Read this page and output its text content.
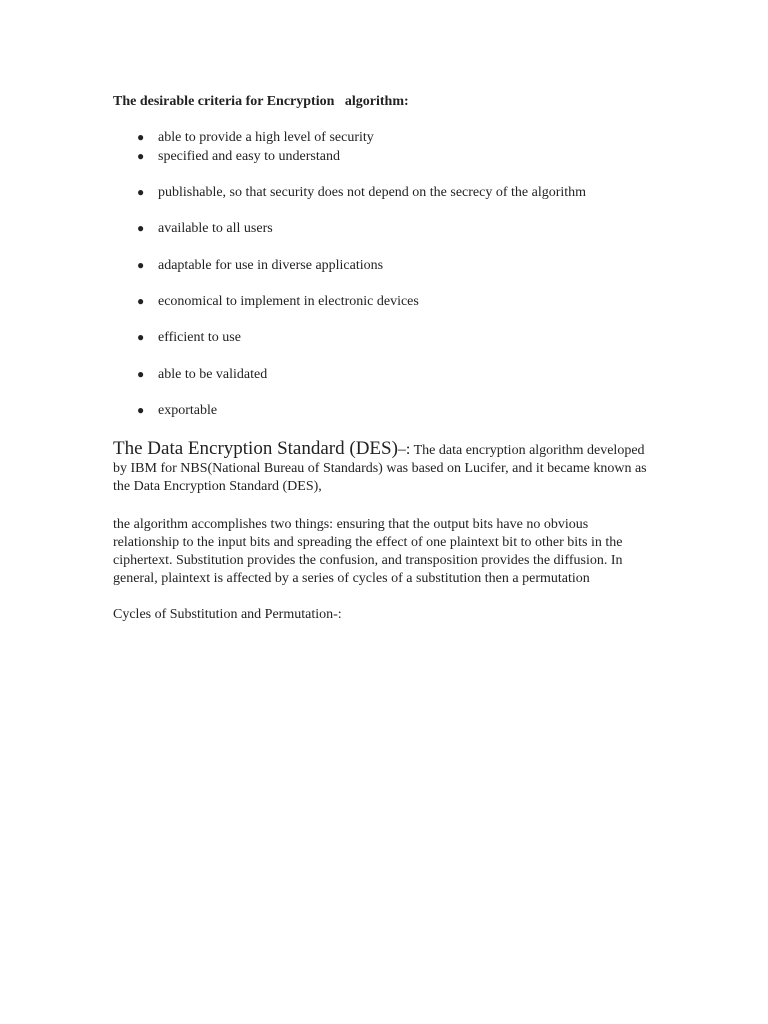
The desirable criteria for Encryption   algorithm:

● able to provide a high level of security
● specified and easy to understand
● publishable, so that security does not depend on the secrecy of the algorithm
● available to all users
● adaptable for use in diverse applications
● economical to implement in electronic devices
● efficient to use
● able to be validated
● exportable

The Data Encryption Standard (DES)–: The data encryption algorithm developed by IBM for NBS(National Bureau of Standards) was based on Lucifer, and it became known as the Data Encryption Standard (DES),

the algorithm accomplishes two things: ensuring that the output bits have no obvious relationship to the input bits and spreading the effect of one plaintext bit to other bits in the ciphertext. Substitution provides the confusion, and transposition provides the diffusion. In general, plaintext is affected by a series of cycles of a substitution then a permutation

Cycles of Substitution and Permutation-:
